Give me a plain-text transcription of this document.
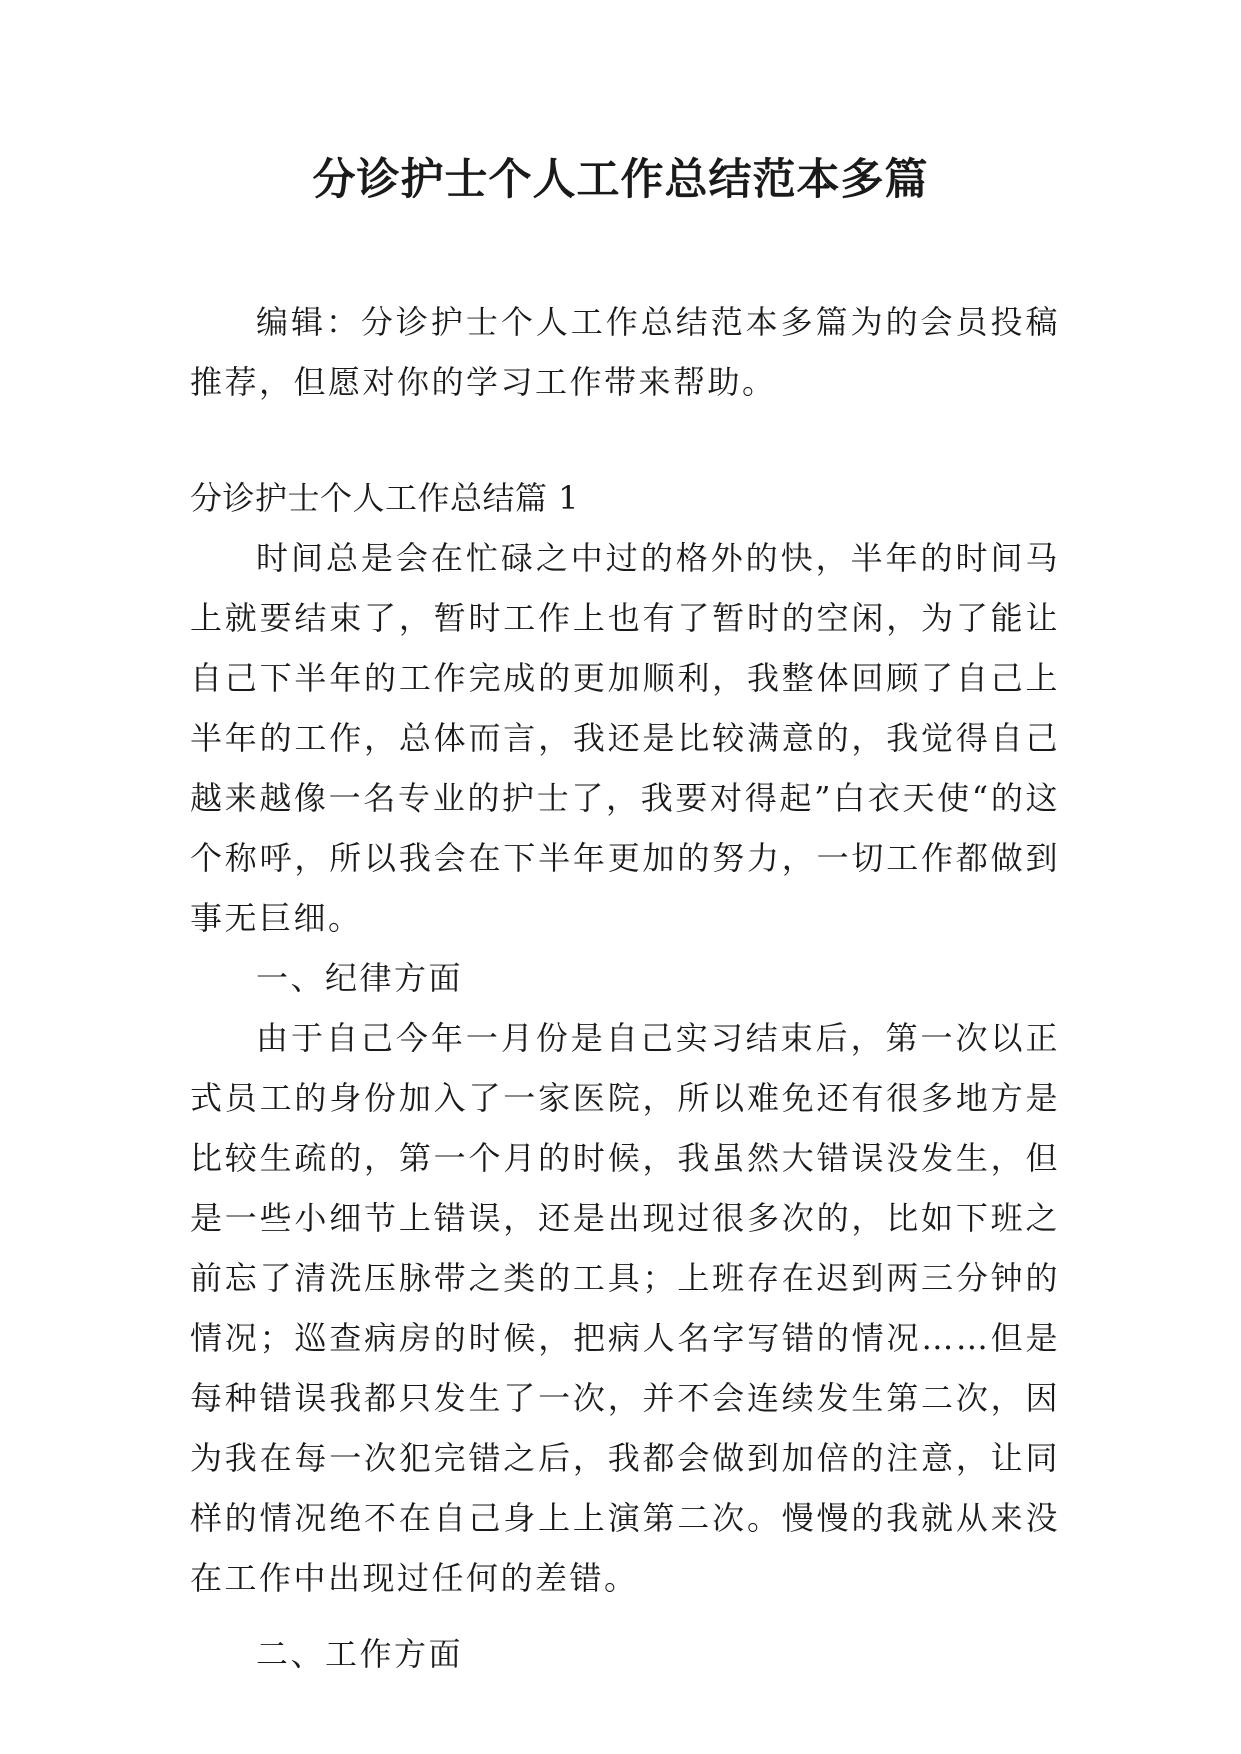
分诊护士个人工作总结范本多篇

编辑：分诊护士个人工作总结范本多篇为的会员投稿推荐，但愿对你的学习工作带来帮助。

分诊护士个人工作总结篇 1

时间总是会在忙碌之中过的格外的快，半年的时间马上就要结束了，暂时工作上也有了暂时的空闲，为了能让自己下半年的工作完成的更加顺利，我整体回顾了自己上半年的工作，总体而言，我还是比较满意的，我觉得自己越来越像一名专业的护士了，我要对得起”白衣天使“的这个称呼，所以我会在下半年更加的努力，一切工作都做到事无巨细。

一、纪律方面

由于自己今年一月份是自己实习结束后，第一次以正式员工的身份加入了一家医院，所以难免还有很多地方是比较生疏的，第一个月的时候，我虽然大错误没发生，但是一些小细节上错误，还是出现过很多次的，比如下班之前忘了清洗压脉带之类的工具；上班存在迟到两三分钟的情况；巡查病房的时候，把病人名字写错的情况……但是每种错误我都只发生了一次，并不会连续发生第二次，因为我在每一次犯完错之后，我都会做到加倍的注意，让同样的情况绝不在自己身上上演第二次。慢慢的我就从来没在工作中出现过任何的差错。

二、工作方面
